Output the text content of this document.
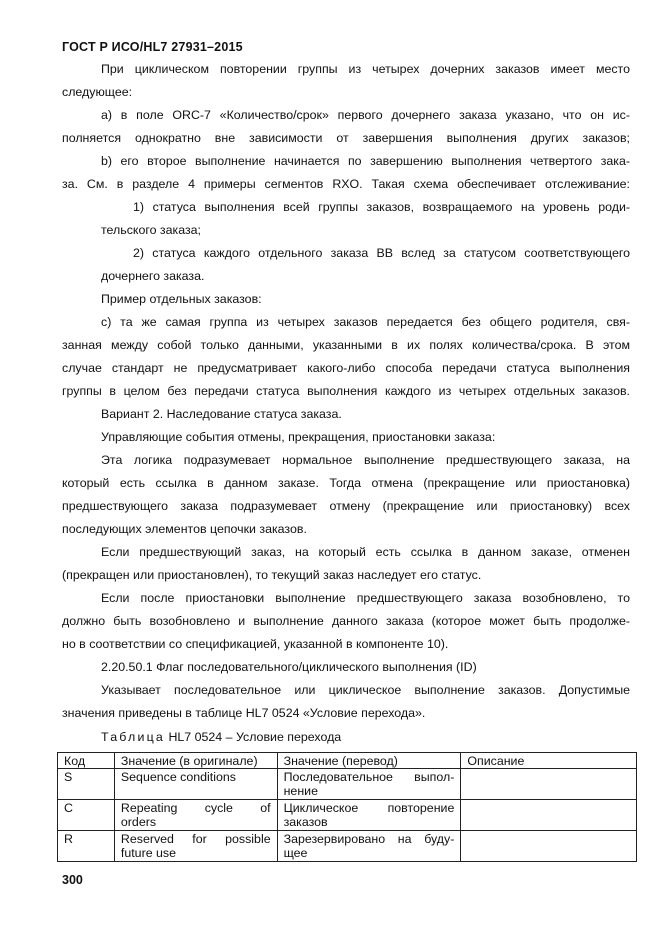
ГОСТ Р ИСО/HL7 27931–2015
При циклическом повторении группы из четырех дочерних заказов имеет место
следующее:
а) в поле ORC-7 «Количество/срок» первого дочернего заказа указано, что он ис-
полняется однократно вне зависимости от завершения выполнения других заказов;
b) его второе выполнение начинается по завершению выполнения четвертого зака-
за. См. в разделе 4 примеры сегментов RXO. Такая схема обеспечивает отслеживание:
1) статуса выполнения всей группы заказов, возвращаемого на уровень роди-
тельского заказа;
2) статуса каждого отдельного заказа ВВ вслед за статусом соответствующего
дочернего заказа.
Пример отдельных заказов:
с) та же самая группа из четырех заказов передается без общего родителя, свя-
занная между собой только данными, указанными в их полях количества/срока. В этом
случае стандарт не предусматривает какого-либо способа передачи статуса выполнения
группы в целом без передачи статуса выполнения каждого из четырех отдельных заказов.
Вариант 2. Наследование статуса заказа.
Управляющие события отмены, прекращения, приостановки заказа:
Эта логика подразумевает нормальное выполнение предшествующего заказа, на
который есть ссылка в данном заказе. Тогда отмена (прекращение или приостановка)
предшествующего заказа подразумевает отмену (прекращение или приостановку) всех
последующих элементов цепочки заказов.
Если предшествующий заказ, на который есть ссылка в данном заказе, отменен
(прекращен или приостановлен), то текущий заказ наследует его статус.
Если после приостановки выполнение предшествующего заказа возобновлено, то
должно быть возобновлено и выполнение данного заказа (которое может быть продолже-
но в соответствии со спецификацией, указанной в компоненте 10).
2.20.50.1 Флаг последовательного/циклического выполнения (ID)
Указывает последовательное или циклическое выполнение заказов. Допустимые
значения приведены в таблице HL7 0524 «Условие перехода».
Таблица HL7 0524 – Условие перехода
Код	Значение (в оригинале)	Значение (перевод)	Описание
S	Sequence conditions	Последовательное выпол-
нение	
C	Repeating cycle of
orders	Циклическое повторение
заказов	
R	Reserved for possible
future use	Зарезервировано на буду-
щее	
300
